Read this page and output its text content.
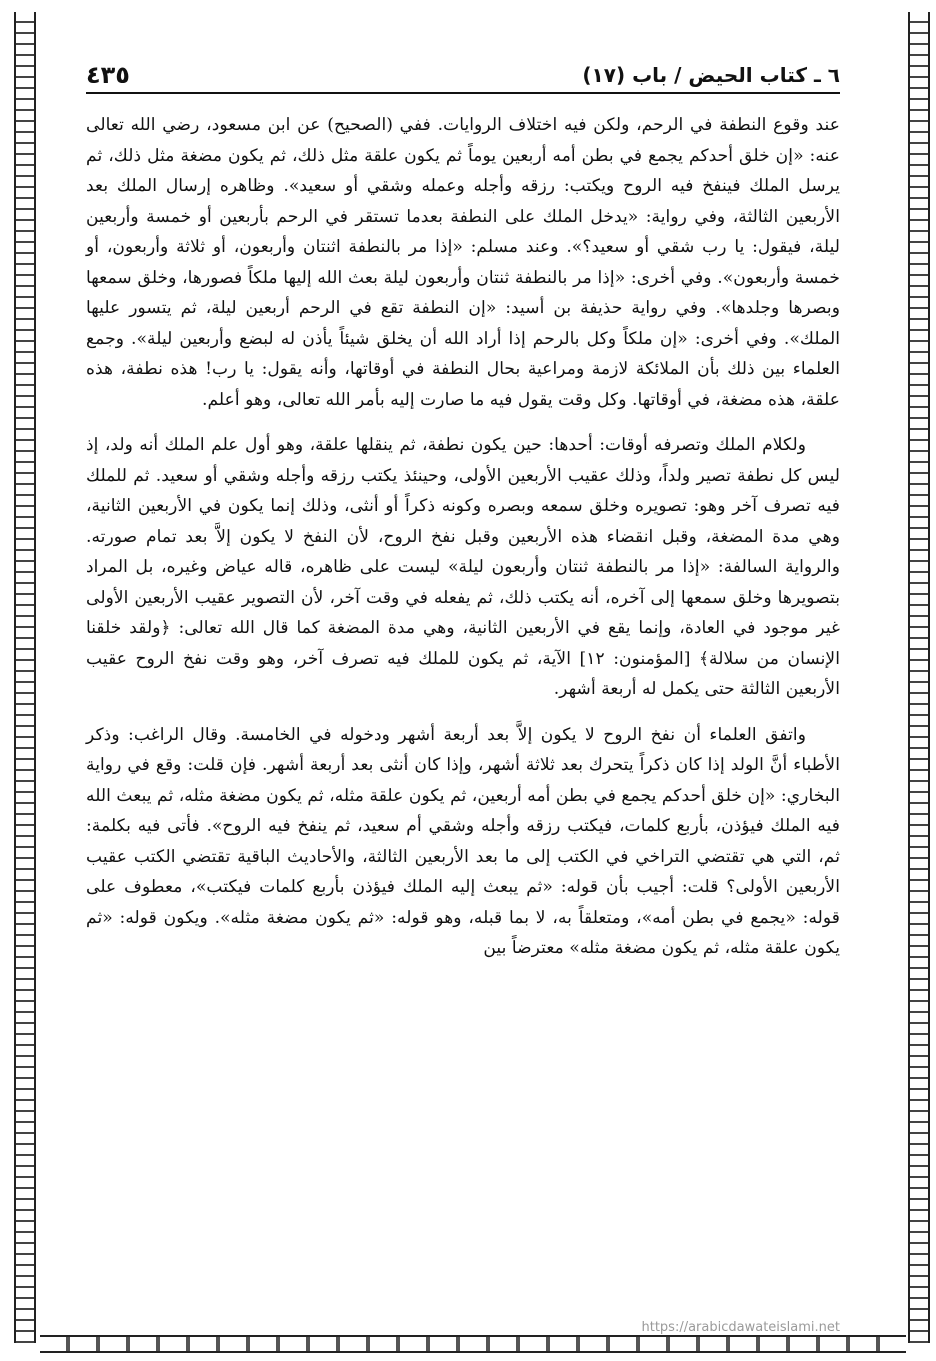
٤٣٥	٦ ـ كتاب الحيض / باب (١٧)

عند وقوع النطفة في الرحم، ولكن فيه اختلاف الروايات. ففي (الصحيح) عن ابن مسعود، رضي الله تعالى عنه: «إن خلق أحدكم يجمع في بطن أمه أربعين يوماً ثم يكون علقة مثل ذلك، ثم يكون مضغة مثل ذلك، ثم يرسل الملك فينفخ فيه الروح ويكتب: رزقه وأجله وعمله وشقي أو سعيد». وظاهره إرسال الملك بعد الأربعين الثالثة، وفي رواية: «يدخل الملك على النطفة بعدما تستقر في الرحم بأربعين أو خمسة وأربعين ليلة، فيقول: يا رب شقي أو سعيد؟». وعند مسلم: «إذا مر بالنطفة اثنتان وأربعون، أو ثلاثة وأربعون، أو خمسة وأربعون». وفي أخرى: «إذا مر بالنطفة ثنتان وأربعون ليلة بعث الله إليها ملكاً فصورها، وخلق سمعها وبصرها وجلدها». وفي رواية حذيفة بن أسيد: «إن النطفة تقع في الرحم أربعين ليلة، ثم يتسور عليها الملك». وفي أخرى: «إن ملكاً وكل بالرحم إذا أراد الله أن يخلق شيئاً يأذن له لبضع وأربعين ليلة». وجمع العلماء بين ذلك بأن الملائكة لازمة ومراعية بحال النطفة في أوقاتها، وأنه يقول: يا رب! هذه نطفة، هذه علقة، هذه مضغة، في أوقاتها. وكل وقت يقول فيه ما صارت إليه بأمر الله تعالى، وهو أعلم.

ولكلام الملك وتصرفه أوقات: أحدها: حين يكون نطفة، ثم ينقلها علقة، وهو أول علم الملك أنه ولد، إذ ليس كل نطفة تصير ولداً، وذلك عقيب الأربعين الأولى، وحينئذ يكتب رزقه وأجله وشقي أو سعيد. ثم للملك فيه تصرف آخر وهو: تصويره وخلق سمعه وبصره وكونه ذكراً أو أنثى، وذلك إنما يكون في الأربعين الثانية، وهي مدة المضغة، وقبل انقضاء هذه الأربعين وقبل نفخ الروح، لأن النفخ لا يكون إلاَّ بعد تمام صورته. والرواية السالفة: «إذا مر بالنطفة ثنتان وأربعون ليلة» ليست على ظاهره، قاله عياض وغيره، بل المراد بتصويرها وخلق سمعها إلى آخره، أنه يكتب ذلك، ثم يفعله في وقت آخر، لأن التصوير عقيب الأربعين الأولى غير موجود في العادة، وإنما يقع في الأربعين الثانية، وهي مدة المضغة كما قال الله تعالى: ﴿ولقد خلقنا الإنسان من سلالة﴾ [المؤمنون: ١٢] الآية، ثم يكون للملك فيه تصرف آخر، وهو وقت نفخ الروح عقيب الأربعين الثالثة حتى يكمل له أربعة أشهر.

واتفق العلماء أن نفخ الروح لا يكون إلاَّ بعد أربعة أشهر ودخوله في الخامسة. وقال الراغب: وذكر الأطباء أنَّ الولد إذا كان ذكراً يتحرك بعد ثلاثة أشهر، وإذا كان أنثى بعد أربعة أشهر. فإن قلت: وقع في رواية البخاري: «إن خلق أحدكم يجمع في بطن أمه أربعين، ثم يكون علقة مثله، ثم يكون مضغة مثله، ثم يبعث الله فيه الملك فيؤذن، بأربع كلمات، فيكتب رزقه وأجله وشقي أم سعيد، ثم ينفخ فيه الروح». فأتى فيه بكلمة: ثم، التي هي تقتضي التراخي في الكتب إلى ما بعد الأربعين الثالثة، والأحاديث الباقية تقتضي الكتب عقيب الأربعين الأولى؟ قلت: أجيب بأن قوله: «ثم يبعث إليه الملك فيؤذن بأربع كلمات فيكتب»، معطوف على قوله: «يجمع في بطن أمه»، ومتعلقاً به، لا بما قبله، وهو قوله: «ثم يكون مضغة مثله». ويكون قوله: «ثم يكون علقة مثله، ثم يكون مضغة مثله» معترضاً بين

https://arabicdawateislami.net
